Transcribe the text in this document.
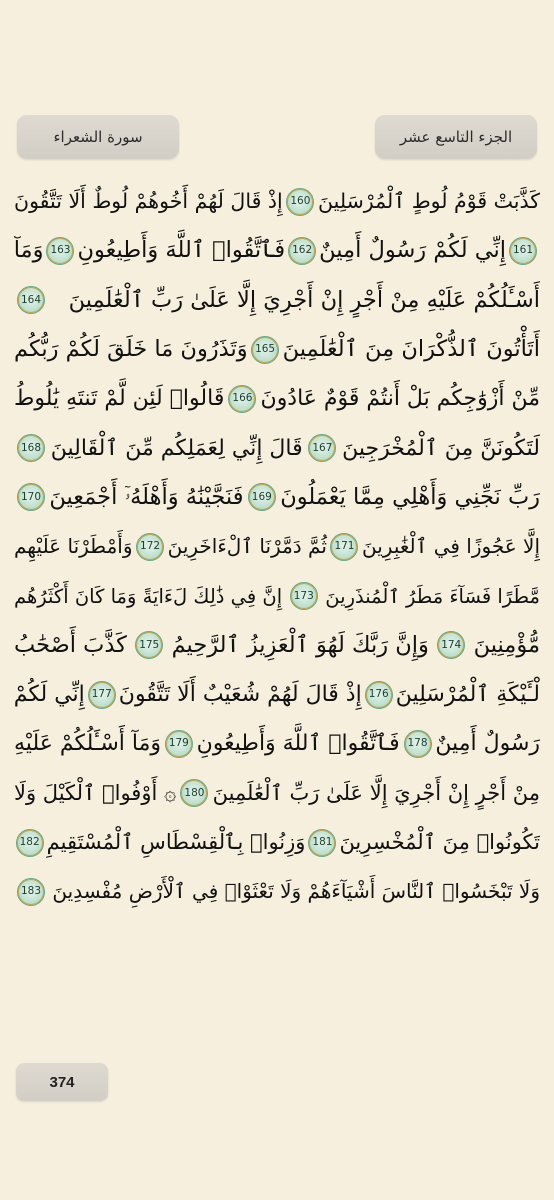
سورة الشعراء	الجزء التاسع عشر
كَذَّبَتْ قَوْمُ لُوطٍ ٱلْمُرْسَلِينَ
160
إِذْ قَالَ لَهُمْ أَخُوهُمْ لُوطٌ أَلَا تَتَّقُونَ
161
إِنِّي لَكُمْ رَسُولٌ أَمِينٌ
162
فَٱتَّقُوا۟ ٱللَّهَ وَأَطِيعُونِ
163
وَمَآ
أَسْـَٔلُكُمْ عَلَيْهِ مِنْ أَجْرٍ إِنْ أَجْرِيَ إِلَّا عَلَىٰ رَبِّ ٱلْعَٰلَمِينَ
164
أَتَأْتُونَ ٱلذُّكْرَانَ مِنَ ٱلْعَٰلَمِينَ
165
وَتَذَرُونَ مَا خَلَقَ لَكُمْ رَبُّكُم
مِّنْ أَزْوَٰجِكُم بَلْ أَنتُمْ قَوْمٌ عَادُونَ
166
قَالُوا۟ لَئِن لَّمْ تَنتَهِ يَٰلُوطُ
لَتَكُونَنَّ مِنَ ٱلْمُخْرَجِينَ
167
قَالَ إِنِّي لِعَمَلِكُم مِّنَ ٱلْقَالِينَ
168
رَبِّ نَجِّنِي وَأَهْلِي مِمَّا يَعْمَلُونَ
169
فَنَجَّيْنَٰهُ وَأَهْلَهُۥٓ أَجْمَعِينَ
170
إِلَّا عَجُوزًا فِي ٱلْغَٰبِرِينَ
171
ثُمَّ دَمَّرْنَا ٱلْءَاخَرِينَ
172
وَأَمْطَرْنَا عَلَيْهِم
مَّطَرًا فَسَآءَ مَطَرُ ٱلْمُنذَرِينَ
173
إِنَّ فِي ذَٰلِكَ لَءَايَةً وَمَا كَانَ أَكْثَرُهُم
مُّؤْمِنِينَ
174
وَإِنَّ رَبَّكَ لَهُوَ ٱلْعَزِيزُ ٱلرَّحِيمُ
175
كَذَّبَ أَصْحَٰبُ
لْـَٔيْكَةِ ٱلْمُرْسَلِينَ
176
إِذْ قَالَ لَهُمْ شُعَيْبٌ أَلَا تَتَّقُونَ
177
إِنِّي لَكُمْ
رَسُولٌ أَمِينٌ
178
فَٱتَّقُوا۟ ٱللَّهَ وَأَطِيعُونِ
179
وَمَآ أَسْـَٔلُكُمْ عَلَيْهِ
مِنْ أَجْرٍ إِنْ أَجْرِيَ إِلَّا عَلَىٰ رَبِّ ٱلْعَٰلَمِينَ
180
۞ أَوْفُوا۟ ٱلْكَيْلَ وَلَا
تَكُونُوا۟ مِنَ ٱلْمُخْسِرِينَ
181
وَزِنُوا۟ بِٱلْقِسْطَاسِ ٱلْمُسْتَقِيمِ
182
وَلَا تَبْخَسُوا۟ ٱلنَّاسَ أَشْيَآءَهُمْ وَلَا تَعْثَوْا۟ فِي ٱلْأَرْضِ مُفْسِدِينَ
183
374
